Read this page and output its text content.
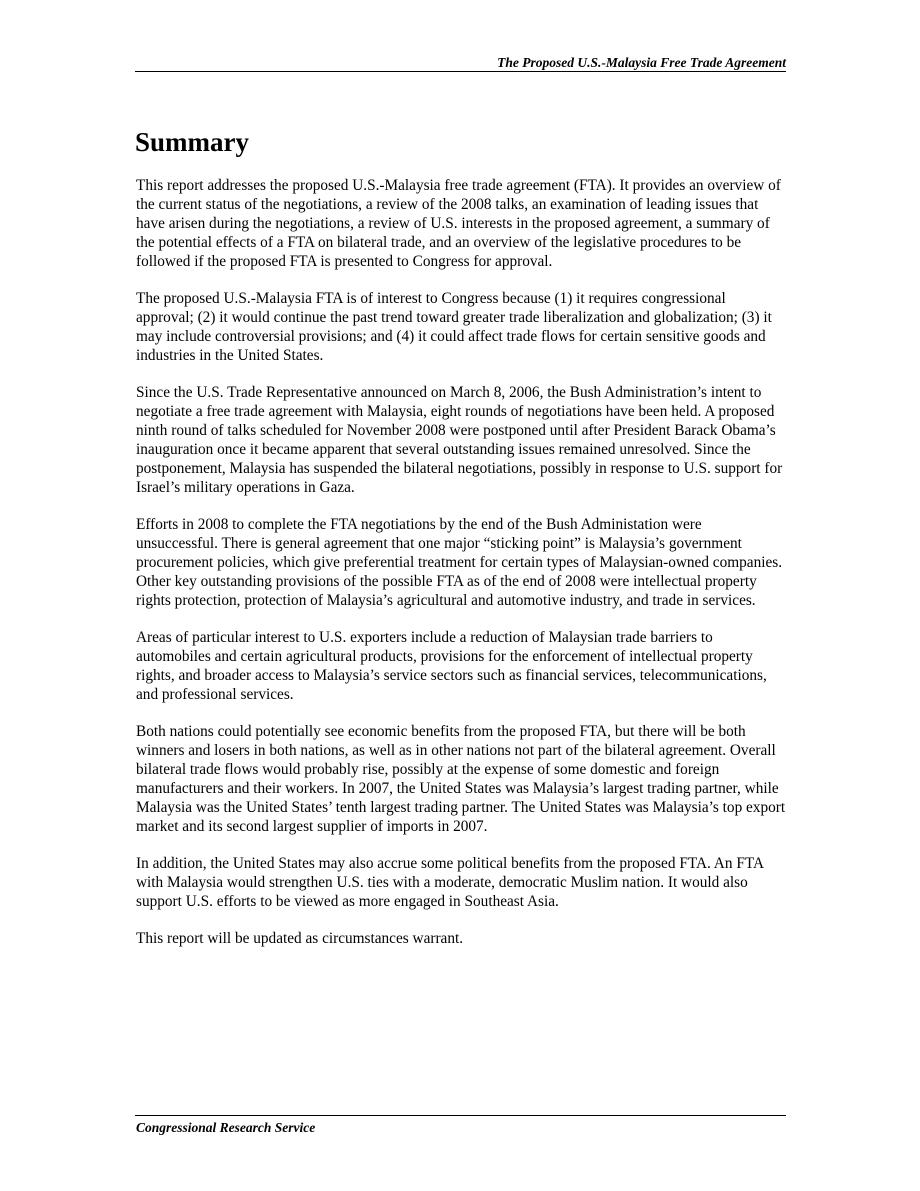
The Proposed U.S.-Malaysia Free Trade Agreement
Summary

This report addresses the proposed U.S.-Malaysia free trade agreement (FTA). It provides an overview of the current status of the negotiations, a review of the 2008 talks, an examination of leading issues that have arisen during the negotiations, a review of U.S. interests in the proposed agreement, a summary of the potential effects of a FTA on bilateral trade, and an overview of the legislative procedures to be followed if the proposed FTA is presented to Congress for approval.

The proposed U.S.-Malaysia FTA is of interest to Congress because (1) it requires congressional approval; (2) it would continue the past trend toward greater trade liberalization and globalization; (3) it may include controversial provisions; and (4) it could affect trade flows for certain sensitive goods and industries in the United States.

Since the U.S. Trade Representative announced on March 8, 2006, the Bush Administration’s intent to negotiate a free trade agreement with Malaysia, eight rounds of negotiations have been held. A proposed ninth round of talks scheduled for November 2008 were postponed until after President Barack Obama’s inauguration once it became apparent that several outstanding issues remained unresolved. Since the postponement, Malaysia has suspended the bilateral negotiations, possibly in response to U.S. support for Israel’s military operations in Gaza.

Efforts in 2008 to complete the FTA negotiations by the end of the Bush Administation were unsuccessful. There is general agreement that one major “sticking point” is Malaysia’s government procurement policies, which give preferential treatment for certain types of Malaysian-owned companies. Other key outstanding provisions of the possible FTA as of the end of 2008 were intellectual property rights protection, protection of Malaysia’s agricultural and automotive industry, and trade in services.

Areas of particular interest to U.S. exporters include a reduction of Malaysian trade barriers to automobiles and certain agricultural products, provisions for the enforcement of intellectual property rights, and broader access to Malaysia’s service sectors such as financial services, telecommunications, and professional services.

Both nations could potentially see economic benefits from the proposed FTA, but there will be both winners and losers in both nations, as well as in other nations not part of the bilateral agreement. Overall bilateral trade flows would probably rise, possibly at the expense of some domestic and foreign manufacturers and their workers. In 2007, the United States was Malaysia’s largest trading partner, while Malaysia was the United States’ tenth largest trading partner. The United States was Malaysia’s top export market and its second largest supplier of imports in 2007.

In addition, the United States may also accrue some political benefits from the proposed FTA. An FTA with Malaysia would strengthen U.S. ties with a moderate, democratic Muslim nation. It would also support U.S. efforts to be viewed as more engaged in Southeast Asia.

This report will be updated as circumstances warrant.

Congressional Research Service
